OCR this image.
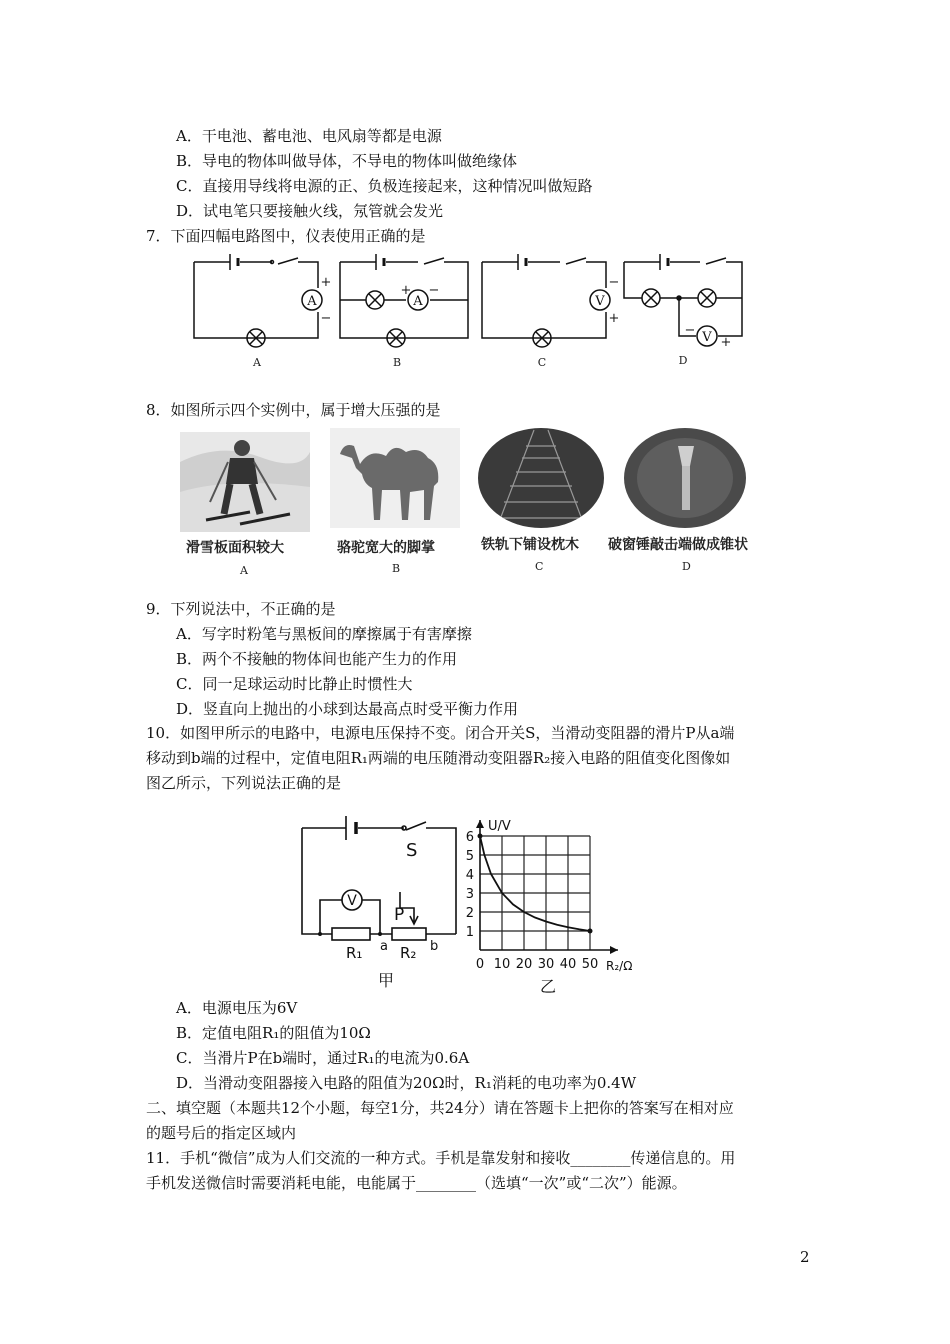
A．干电池、蓄电池、电风扇等都是电源
B．导电的物体叫做导体，不导电的物体叫做绝缘体
C．直接用导线将电源的正、负极连接起来，这种情况叫做短路
D．试电笔只要接触火线，氖管就会发光
7．下面四幅电路图中，仪表使用正确的是
A	A	V
V
+
−
+ −
−
+
−
+
A	B	C	D
8．如图所示四个实例中，属于增大压强的是
滑雪板面积较大	骆驼宽大的脚掌	铁轨下铺设枕木 破窗锤敲击端做成锥状
A	B	C	D
9．下列说法中，不正确的是
A．写字时粉笔与黑板间的摩擦属于有害摩擦
B．两个不接触的物体间也能产生力的作用
C．同一足球运动时比静止时惯性大
D．竖直向上抛出的小球到达最高点时受平衡力作用
10．如图甲所示的电路中，电源电压保持不变。闭合开关S，当滑动变阻器的滑片P从a端
移动到b端的过程中，定值电阻R₁两端的电压随滑动变阻器R₂接入电路的阻值变化图像如
图乙所示，下列说法正确的是
V
S
P
R₁	R₂
a	b
甲
0 10 20 30 40 50
1
2
3
4
5
6
U/V
R₂/Ω
乙
A．电源电压为6V
B．定值电阻R₁的阻值为10Ω
C．当滑片P在b端时，通过R₁的电流为0.6A
D．当滑动变阻器接入电路的阻值为20Ω时，R₁消耗的电功率为0.4W
二、填空题（本题共12个小题，每空1分，共24分）请在答题卡上把你的答案写在相对应
的题号后的指定区域内
11．手机“微信”成为人们交流的一种方式。手机是靠发射和接收________传递信息的。用
手机发送微信时需要消耗电能，电能属于________（选填“一次”或“二次”）能源。
2
